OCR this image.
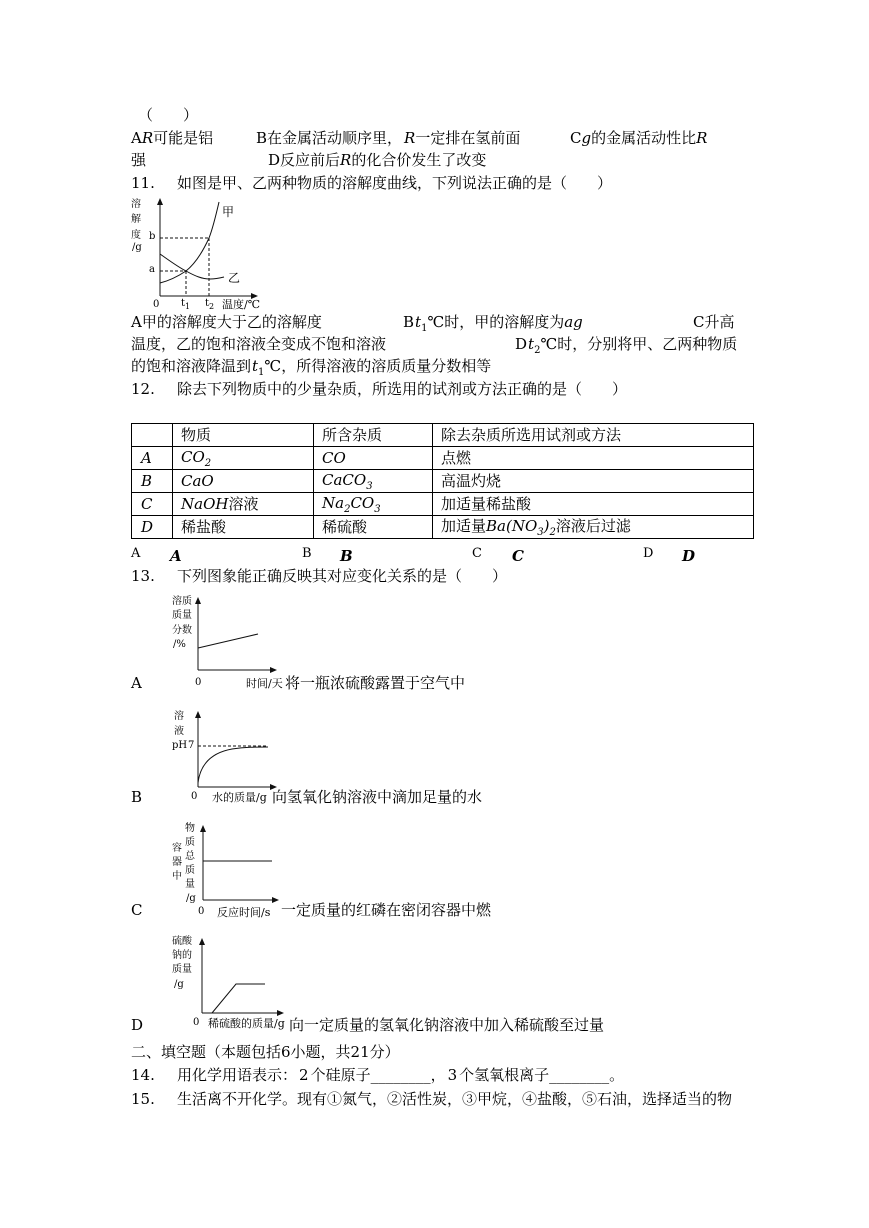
（　　）
AR可能是铝	B在金属活动顺序里， R一定排在氢前面	Cg的金属活动性比R
强	D反应前后R的化合价发生了改变
11. 如图是甲、乙两种物质的溶解度曲线，下列说法正确的是（　　）
溶
解
度
/g
b
a
0 $t_1$ $t_2$ 温度/℃
甲
乙
A甲的溶解度大于乙的溶解度	$Bt_1℃$时，甲的溶解度为ag	C升高
温度，乙的饱和溶液全变成不饱和溶液	$Dt_2℃$时，分别将甲、乙两种物质
的饱和溶液降温到$t_1℃$，所得溶液的溶质质量分数相等
12. 除去下列物质中的少量杂质，所选用的试剂或方法正确的是（　　）
	物质	所含杂质	除去杂质所选用试剂或方法
A	$CO_2$	CO	点燃
B	CaO	CaCO$_3$	高温灼烧
C	NaOH溶液	$Na_2CO_3$	加适量稀盐酸
D	稀盐酸	稀硫酸	加适量$Ba(NO_3)_2$溶液后过滤
A A	B B	C C	D D
13. 下列图象能正确反映其对应变化关系的是（　　）
溶质
质量
分数
/%
0	时间/天
A	将一瓶浓硫酸露置于空气中
溶
液
pH 7
0 水的质量/g
B	向氢氧化钠溶液中滴加足量的水
物
质
总
质
量
/g
容
器
中
0 反应时间/s
C	一定质量的红磷在密闭容器中燃
硫酸
钠的
质量
/g
0 稀硫酸的质量/g
D	向一定质量的氢氧化钠溶液中加入稀硫酸至过量
二、填空题（本题包括6小题，共21分）
14. 用化学用语表示： 2 个硅原子________， 3 个氢氧根离子________。
15. 生活离不开化学。现有①氮气，②活性炭，③甲烷，④盐酸，⑤石油，选择适当的物
